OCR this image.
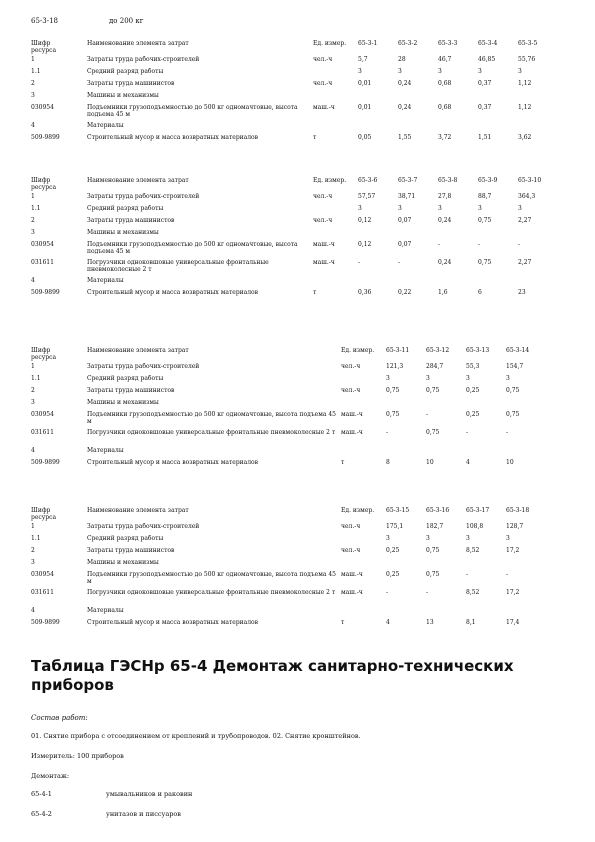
65-3-18	до 200 кг
Шифр
ресурса	Наименование элемента затрат	Ед. измер.	65-3-1	65-3-2	65-3-3	65-3-4	65-3-5
1	Затраты труда рабочих-строителей	чел.-ч	5,7	28	46,7	46,85	55,76
1.1	Средний разряд работы		3	3	3	3	3
2	Затраты труда машинистов	чел.-ч	0,01	0,24	0,68	0,37	1,12
3	Машины и механизмы						
030954	Подъемники грузоподъемностью до 500 кг одномачтовые, высота подъема 45 м	маш.-ч	0,01	0,24	0,68	0,37	1,12
4	Материалы						
509-9899	Строительный мусор и масса возвратных материалов	т	0,05	1,55	3,72	1,51	3,62
Шифр
ресурса	Наименование элемента затрат	Ед. измер.	65-3-6	65-3-7	65-3-8	65-3-9	65-3-10
1	Затраты труда рабочих-строителей	чел.-ч	57,57	38,71	27,8	88,7	364,3
1.1	Средний разряд работы		3	3	3	3	3
2	Затраты труда машинистов	чел.-ч	0,12	0,07	0,24	0,75	2,27
3	Машины и механизмы						
030954	Подъемники грузоподъемностью до 500 кг одномачтовые, высота подъема 45 м	маш.-ч	0,12	0,07	-	-	-
031611	Погрузчики одноковшовые универсальные фронтальные пневмоколесные 2 т	маш.-ч	-	-	0,24	0,75	2,27
4	Материалы						
509-9899	Строительный мусор и масса возвратных материалов	т	0,36	0,22	1,6	6	23
Шифр
ресурса	Наименование элемента затрат	Ед. измер.	65-3-11	65-3-12	65-3-13	65-3-14
1	Затраты труда рабочих-строителей	чел.-ч	121,3	284,7	55,3	154,7
1.1	Средний разряд работы		3	3	3	3
2	Затраты труда машинистов	чел.-ч	0,75	0,75	0,25	0,75
3	Машины и механизмы					
030954	Подъемники грузоподъемностью до 500 кг одномачтовые, высота подъема 45 м	маш.-ч	0,75	-	0,25	0,75
031611	Погрузчики одноковшовые универсальные фронтальные пневмоколесные 2 т	маш.-ч	-	0,75	-	-
4	Материалы					
509-9899	Строительный мусор и масса возвратных материалов	т	8	10	4	10
Шифр
ресурса	Наименование элемента затрат	Ед. измер.	65-3-15	65-3-16	65-3-17	65-3-18
1	Затраты труда рабочих-строителей	чел.-ч	175,1	182,7	108,8	128,7
1.1	Средний разряд работы		3	3	3	3
2	Затраты труда машинистов	чел.-ч	0,25	0,75	8,52	17,2
3	Машины и механизмы					
030954	Подъемники грузоподъемностью до 500 кг одномачтовые, высота подъема 45 м	маш.-ч	0,25	0,75	-	-
031611	Погрузчики одноковшовые универсальные фронтальные пневмоколесные 2 т	маш.-ч	-	-	8,52	17,2
4	Материалы					
509-9899	Строительный мусор и масса возвратных материалов	т	4	13	8,1	17,4
Таблица ГЭСНр 65-4 Демонтаж санитарно-технических приборов
Состав работ:
01. Снятие прибора с отсоединением от креплений и трубопроводов. 02. Снятие кронштейнов.
Измеритель: 100 приборов
Демонтаж:
65-4-1	умывальников и раковин
65-4-2	унитазов и писсуаров
